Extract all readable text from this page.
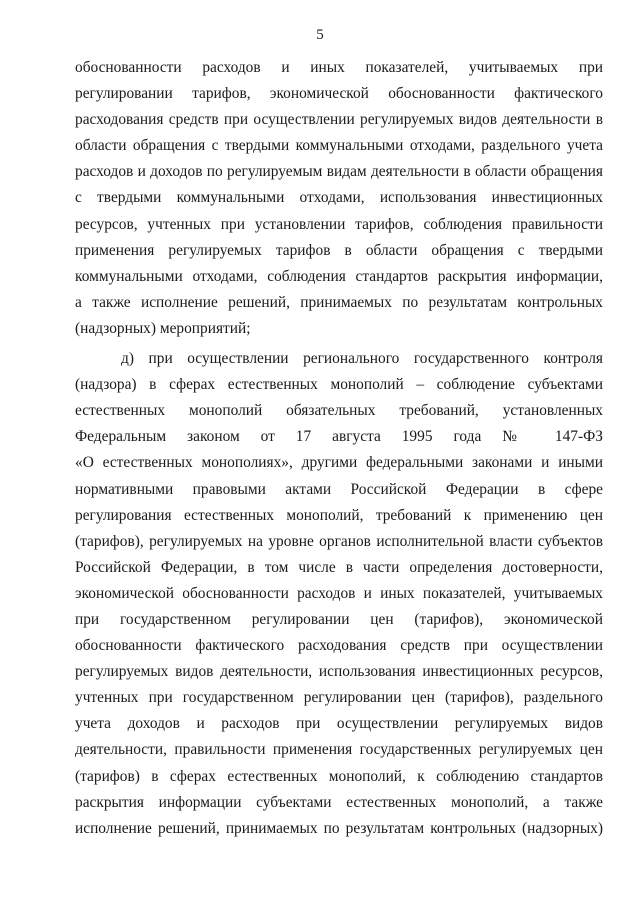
5
обоснованности расходов и иных показателей, учитываемых при
регулировании тарифов, экономической обоснованности фактического
расходования средств при осуществлении регулируемых видов деятельности в
области обращения с твердыми коммунальными отходами, раздельного учета
расходов и доходов по регулируемым видам деятельности в области обращения
с твердыми коммунальными отходами, использования инвестиционных
ресурсов, учтенных при установлении тарифов, соблюдения правильности
применения регулируемых тарифов в области обращения с твердыми
коммунальными отходами, соблюдения стандартов раскрытия информации,
а также исполнение решений, принимаемых по результатам контрольных
(надзорных) мероприятий;
д) при осуществлении регионального государственного контроля
(надзора) в сферах естественных монополий – соблюдение субъектами
естественных монополий обязательных требований, установленных
Федеральным законом от 17 августа 1995 года № 147-ФЗ
«О естественных монополиях», другими федеральными законами и иными
нормативными правовыми актами Российской Федерации в сфере
регулирования естественных монополий, требований к применению цен
(тарифов), регулируемых на уровне органов исполнительной власти субъектов
Российской Федерации, в том числе в части определения достоверности,
экономической обоснованности расходов и иных показателей, учитываемых
при государственном регулировании цен (тарифов), экономической
обоснованности фактического расходования средств при осуществлении
регулируемых видов деятельности, использования инвестиционных ресурсов,
учтенных при государственном регулировании цен (тарифов), раздельного
учета доходов и расходов при осуществлении регулируемых видов
деятельности, правильности применения государственных регулируемых цен
(тарифов) в сферах естественных монополий, к соблюдению стандартов
раскрытия информации субъектами естественных монополий, а также
исполнение решений, принимаемых по результатам контрольных (надзорных)
